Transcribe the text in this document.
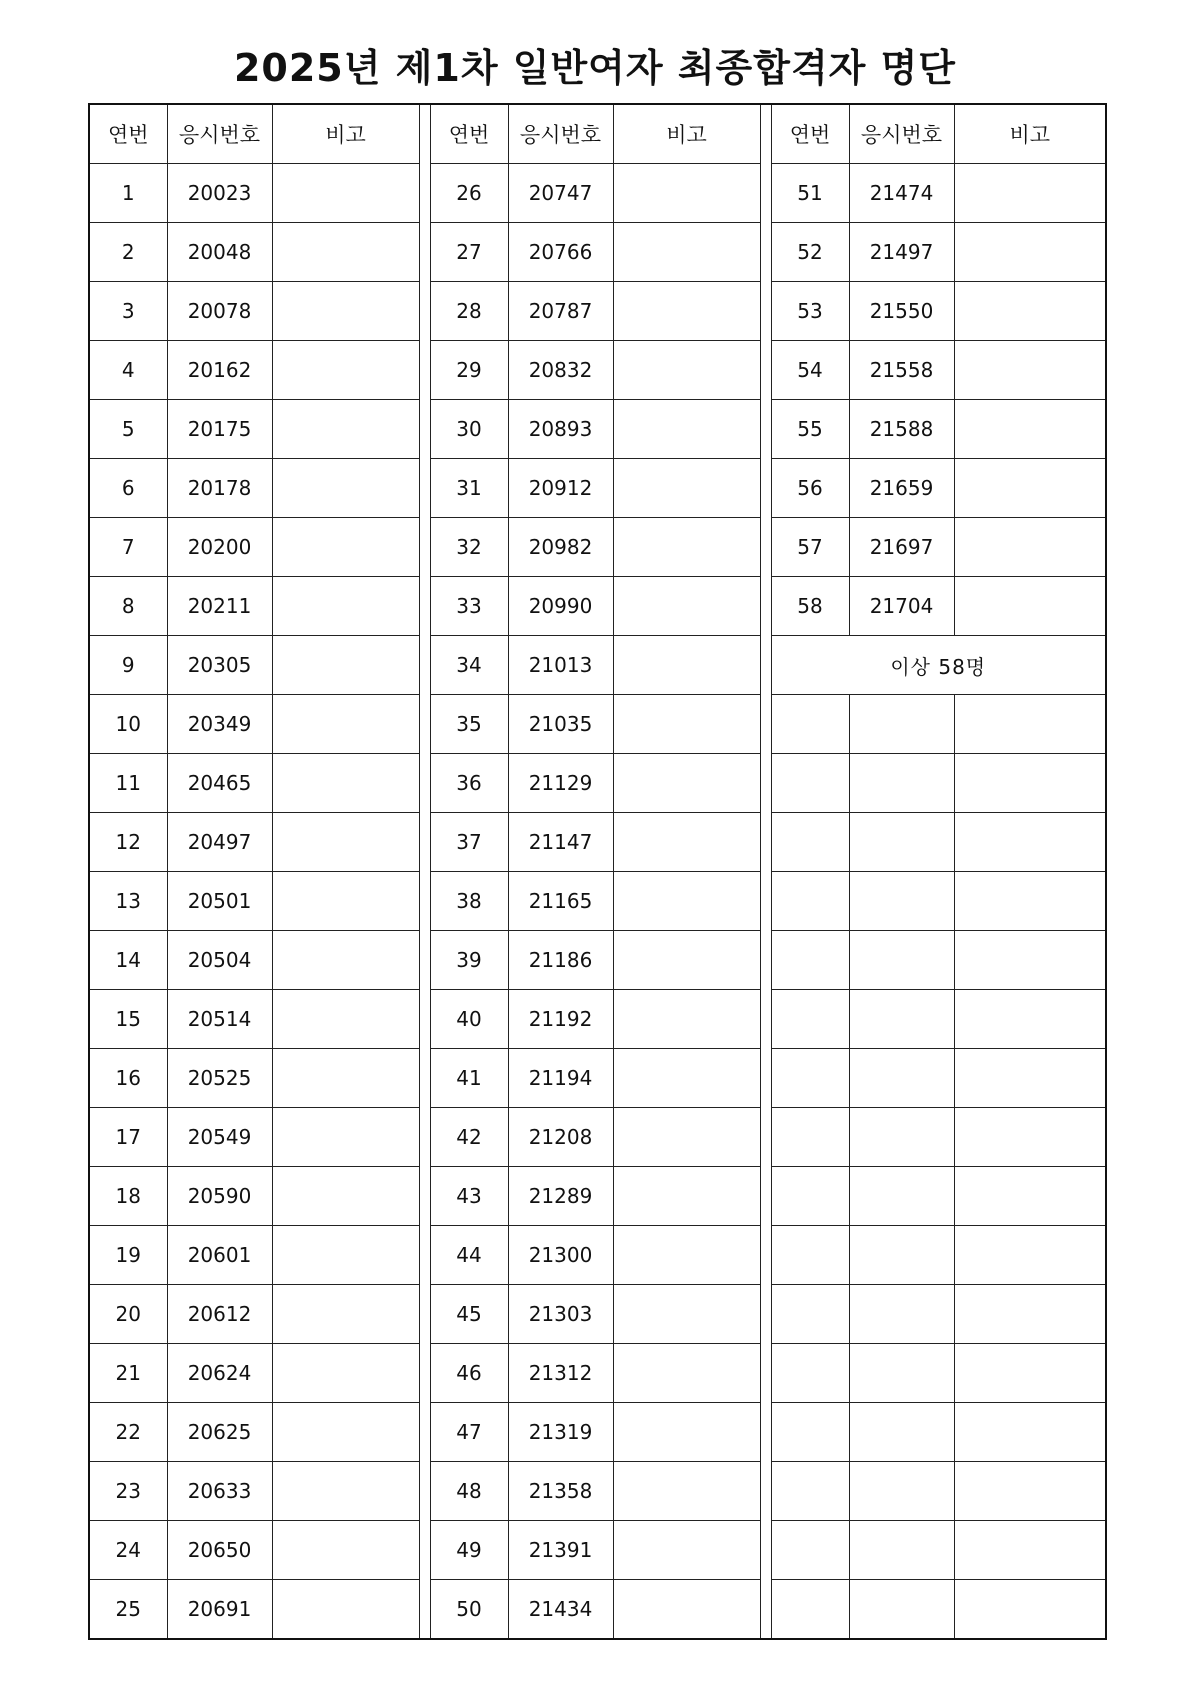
2025년 제1차 일반여자 최종합격자 명단
연번	응시번호	비고		연번	응시번호	비고		연번	응시번호	비고
1	20023			26	20747			51	21474	
2	20048			27	20766			52	21497	
3	20078			28	20787			53	21550	
4	20162			29	20832			54	21558	
5	20175			30	20893			55	21588	
6	20178			31	20912			56	21659	
7	20200			32	20982			57	21697	
8	20211			33	20990			58	21704	
9	20305			34	21013			이상 58명		
10	20349			35	21035					
11	20465			36	21129					
12	20497			37	21147					
13	20501			38	21165					
14	20504			39	21186					
15	20514			40	21192					
16	20525			41	21194					
17	20549			42	21208					
18	20590			43	21289					
19	20601			44	21300					
20	20612			45	21303					
21	20624			46	21312					
22	20625			47	21319					
23	20633			48	21358					
24	20650			49	21391					
25	20691			50	21434					
